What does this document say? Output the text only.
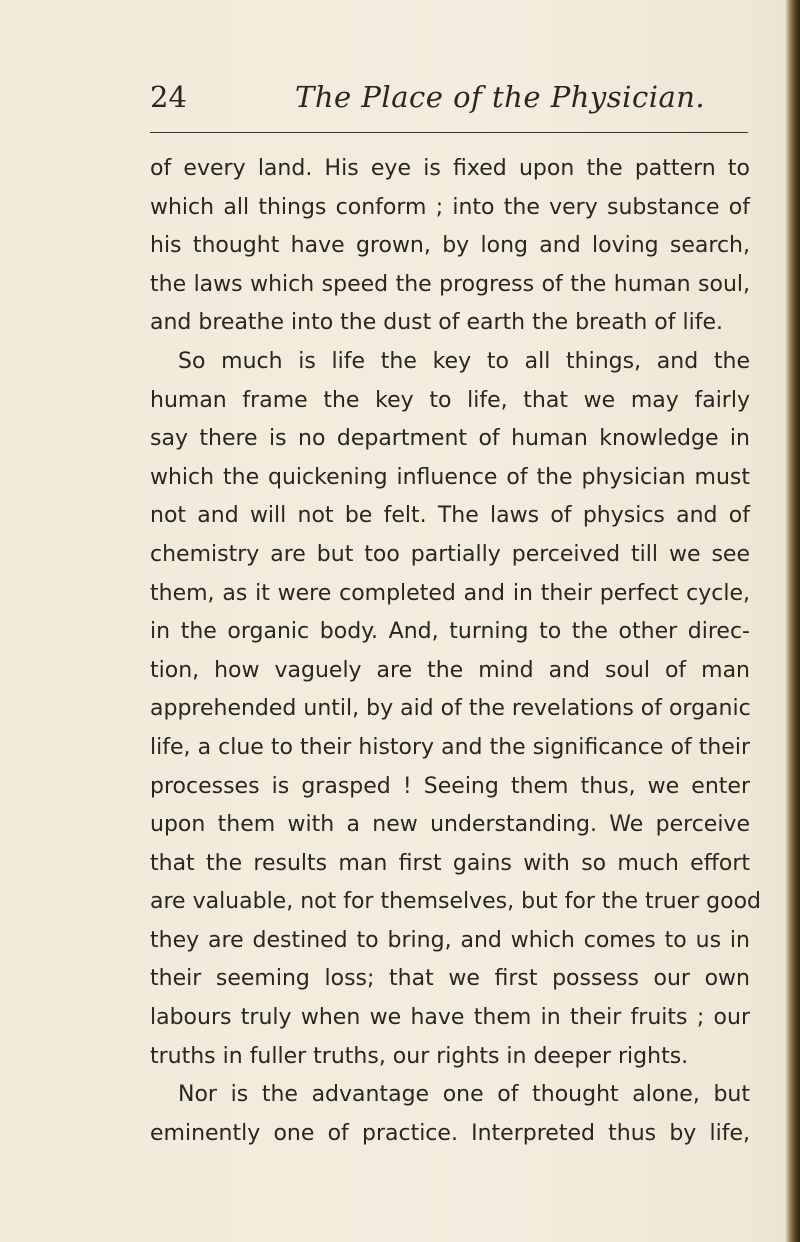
24	The Place of the Physician.
of every land. His eye is fixed upon the pattern to
which all things conform ; into the very substance of
his thought have grown, by long and loving search,
the laws which speed the progress of the human soul,
and breathe into the dust of earth the breath of life.
So much is life the key to all things, and the
human frame the key to life, that we may fairly
say there is no department of human knowledge in
which the quickening influence of the physician must
not and will not be felt. The laws of physics and of
chemistry are but too partially perceived till we see
them, as it were completed and in their perfect cycle,
in the organic body. And, turning to the other direc-
tion, how vaguely are the mind and soul of man
apprehended until, by aid of the revelations of organic
life, a clue to their history and the significance of their
processes is grasped ! Seeing them thus, we enter
upon them with a new understanding. We perceive
that the results man first gains with so much effort
are valuable, not for themselves, but for the truer good
they are destined to bring, and which comes to us in
their seeming loss; that we first possess our own
labours truly when we have them in their fruits ; our
truths in fuller truths, our rights in deeper rights.
Nor is the advantage one of thought alone, but
eminently one of practice. Interpreted thus by life,
